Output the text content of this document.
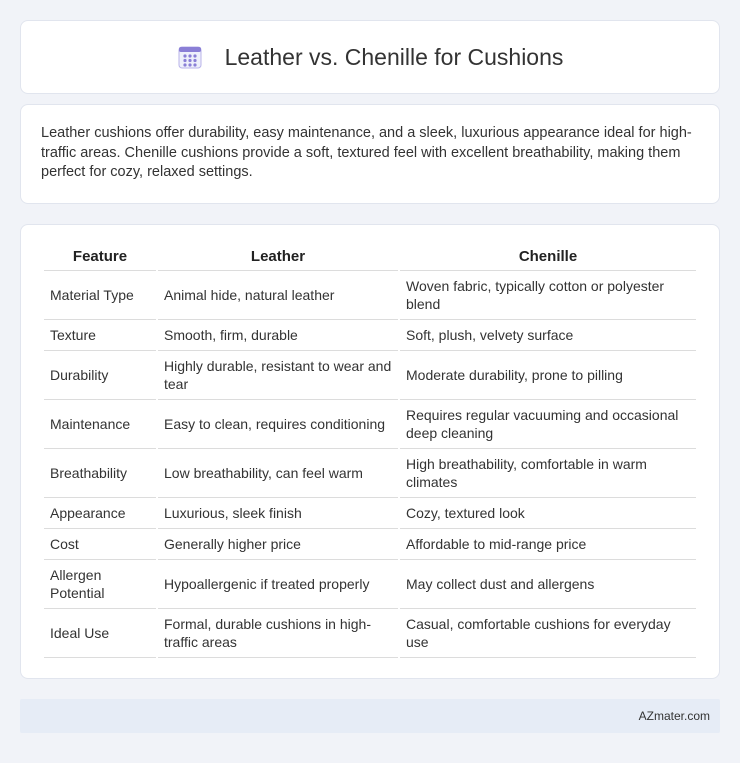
Leather vs. Chenille for Cushions

Leather cushions offer durability, easy maintenance, and a sleek, luxurious appearance ideal for high-traffic areas. Chenille cushions provide a soft, textured feel with excellent breathability, making them perfect for cozy, relaxed settings.

Feature	Leather	Chenille
Material Type	Animal hide, natural leather	Woven fabric, typically cotton or polyester blend
Texture	Smooth, firm, durable	Soft, plush, velvety surface
Durability	Highly durable, resistant to wear and tear	Moderate durability, prone to pilling
Maintenance	Easy to clean, requires conditioning	Requires regular vacuuming and occasional deep cleaning
Breathability	Low breathability, can feel warm	High breathability, comfortable in warm climates
Appearance	Luxurious, sleek finish	Cozy, textured look
Cost	Generally higher price	Affordable to mid-range price
Allergen Potential	Hypoallergenic if treated properly	May collect dust and allergens
Ideal Use	Formal, durable cushions in high-traffic areas	Casual, comfortable cushions for everyday use
AZmater.com
